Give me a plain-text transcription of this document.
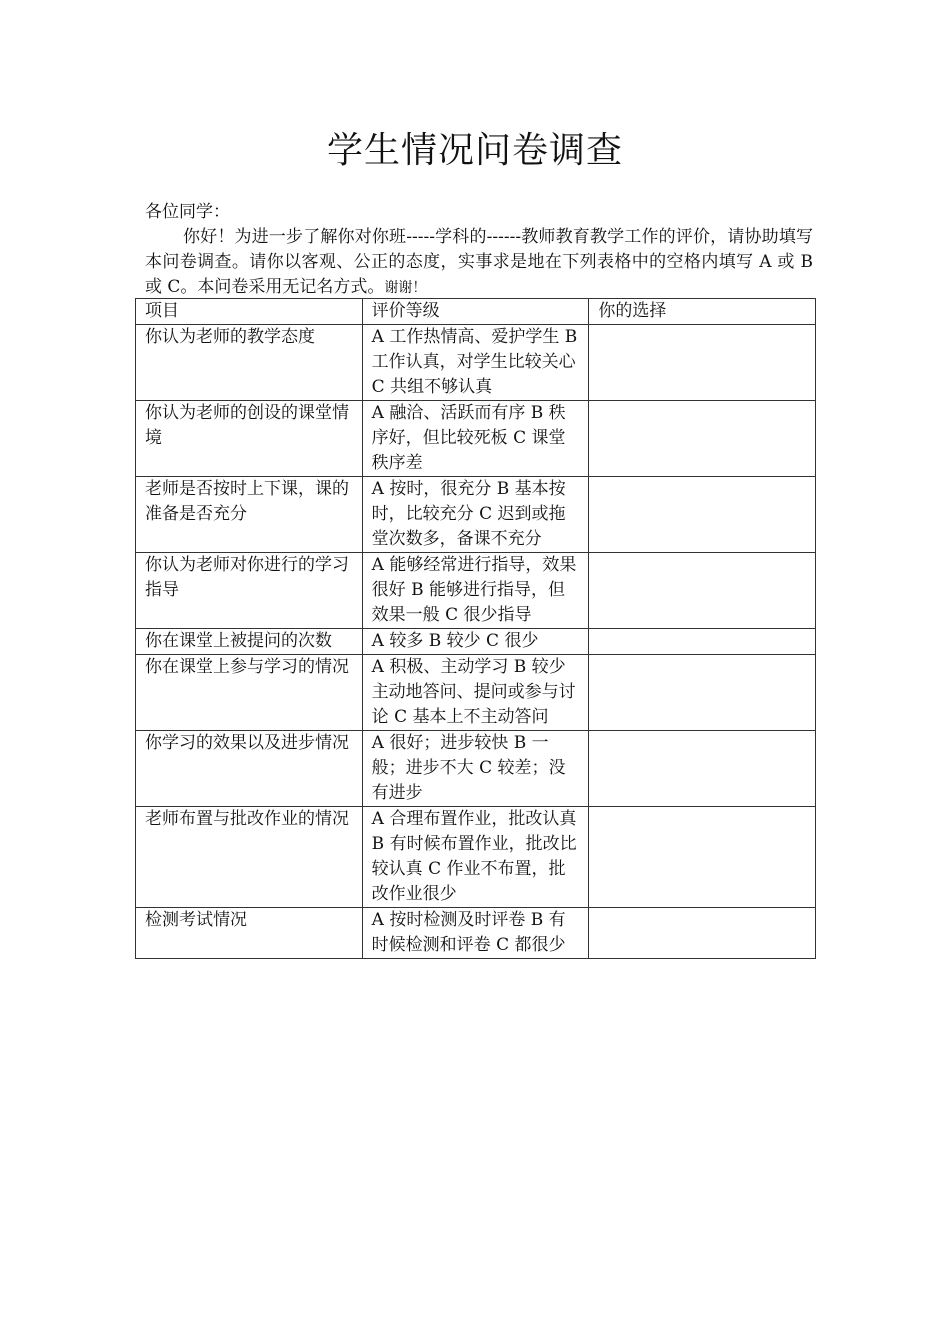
学生情况问卷调查

各位同学：

你好！为进一步了解你对你班-----学科的------教师教育教学工作的评价，请协助填写本问卷调查。请你以客观、公正的态度，实事求是地在下列表格中的空格内填写 A 或 B 或 C。本问卷采用无记名方式。谢谢！

项目	评价等级	你的选择
你认为老师的教学态度	A 工作热情高、爱护学生 B 工作认真，对学生比较关心 C 共组不够认真	
你认为老师的创设的课堂情境	A 融洽、活跃而有序 B 秩序好，但比较死板 C 课堂秩序差	
老师是否按时上下课，课的准备是否充分	A 按时，很充分 B 基本按时，比较充分 C 迟到或拖堂次数多，备课不充分	
你认为老师对你进行的学习指导	A 能够经常进行指导，效果很好 B 能够进行指导，但效果一般 C 很少指导	
你在课堂上被提问的次数	A 较多 B 较少 C 很少	
你在课堂上参与学习的情况	A 积极、主动学习 B 较少主动地答问、提问或参与讨论 C 基本上不主动答问	
你学习的效果以及进步情况	A 很好；进步较快 B 一般；进步不大 C 较差；没有进步	
老师布置与批改作业的情况	A 合理布置作业，批改认真 B 有时候布置作业，批改比较认真 C 作业不布置，批改作业很少	
检测考试情况	A 按时检测及时评卷 B 有时候检测和评卷 C 都很少	
